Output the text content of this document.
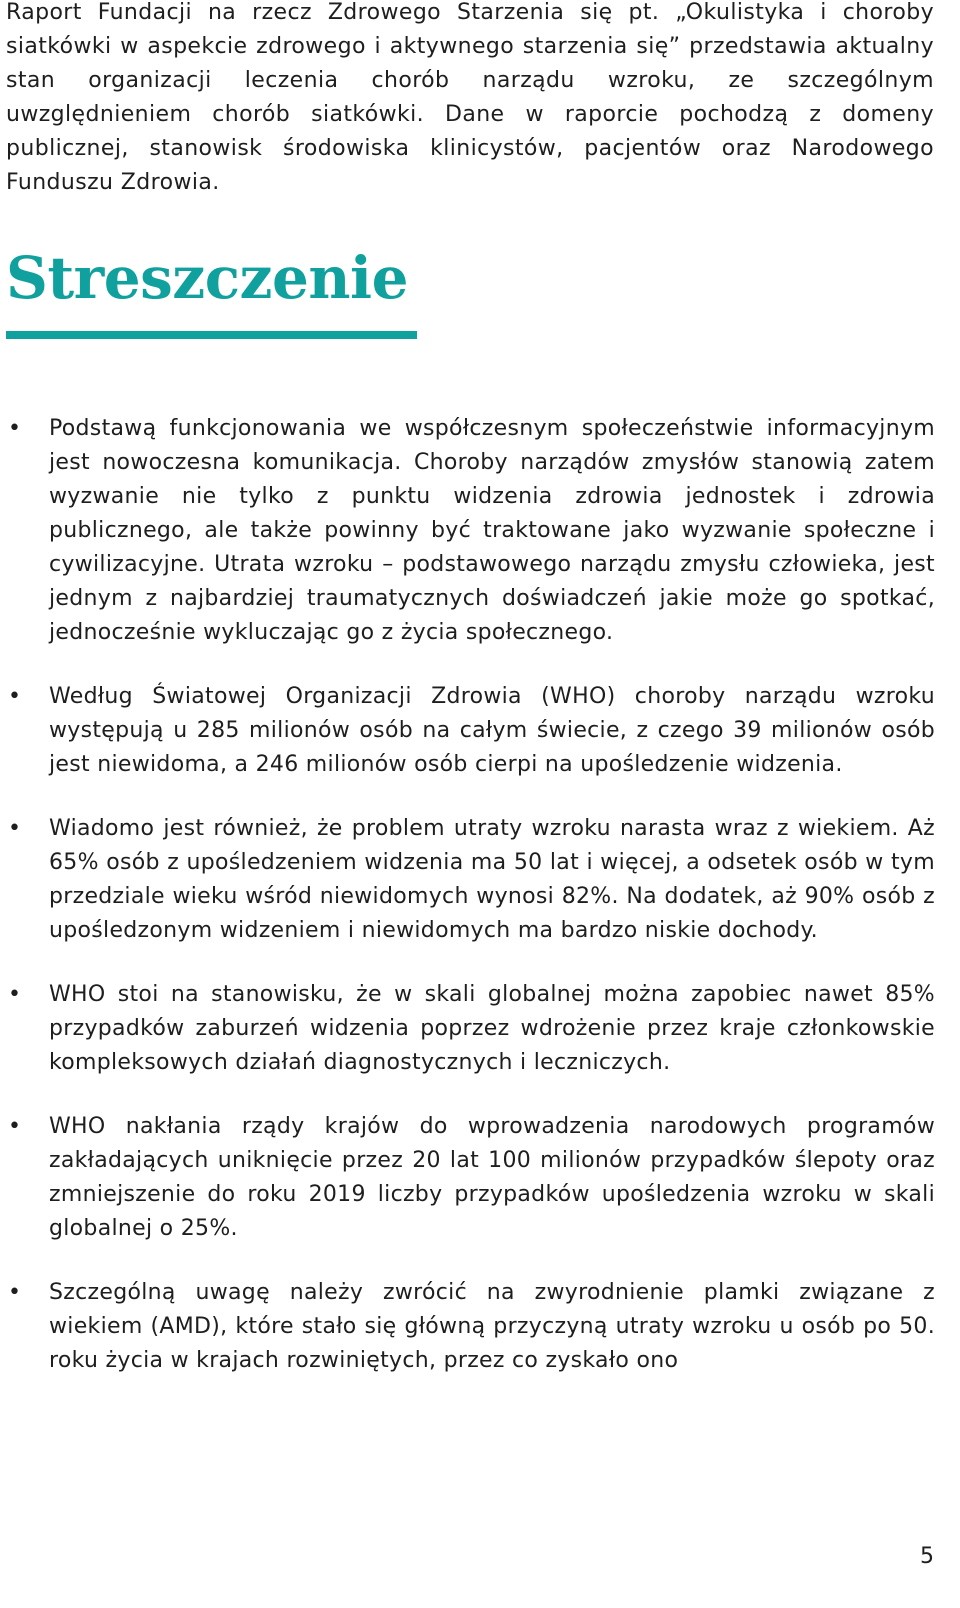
Raport Fundacji na rzecz Zdrowego Starzenia się pt. „Okulistyka i choroby siatkówki w aspekcie zdrowego i aktywnego starzenia się” przedstawia aktualny stan organizacji leczenia chorób narządu wzroku, ze szczególnym uwzględnieniem chorób siatkówki. Dane w raporcie pochodzą z domeny publicznej, stanowisk środowiska klinicystów, pacjentów oraz Narodowego Funduszu Zdrowia.

Streszczenie
• Podstawą funkcjonowania we współczesnym społeczeństwie informacyjnym jest nowoczesna komunikacja. Choroby narządów zmysłów stanowią zatem wyzwanie nie tylko z punktu widzenia zdrowia jednostek i zdrowia publicznego, ale także powinny być traktowane jako wyzwanie społeczne i cywilizacyjne. Utrata wzroku – podstawowego narządu zmysłu człowieka, jest jednym z najbardziej traumatycznych doświadczeń jakie może go spotkać, jednocześnie wykluczając go z życia społecznego.
• Według Światowej Organizacji Zdrowia (WHO) choroby narządu wzroku występują u 285 milionów osób na całym świecie, z czego 39 milionów osób jest niewidoma, a 246 milionów osób cierpi na upośledzenie widzenia.
• Wiadomo jest również, że problem utraty wzroku narasta wraz z wiekiem. Aż 65% osób z upośledzeniem widzenia ma 50 lat i więcej, a odsetek osób w tym przedziale wieku wśród niewidomych wynosi 82%. Na dodatek, aż 90% osób z upośledzonym widzeniem i niewidomych ma bardzo niskie dochody.
• WHO stoi na stanowisku, że w skali globalnej można zapobiec nawet 85% przypadków zaburzeń widzenia poprzez wdrożenie przez kraje członkowskie kompleksowych działań diagnostycznych i leczniczych.
• WHO nakłania rządy krajów do wprowadzenia narodowych programów zakładających uniknięcie przez 20 lat 100 milionów przypadków ślepoty oraz zmniejszenie do roku 2019 liczby przypadków upośledzenia wzroku w skali globalnej o 25%.
• Szczególną uwagę należy zwrócić na zwyrodnienie plamki związane z wiekiem (AMD), które stało się główną przyczyną utraty wzroku u osób po 50. roku życia w krajach rozwiniętych, przez co zyskało ono
5
